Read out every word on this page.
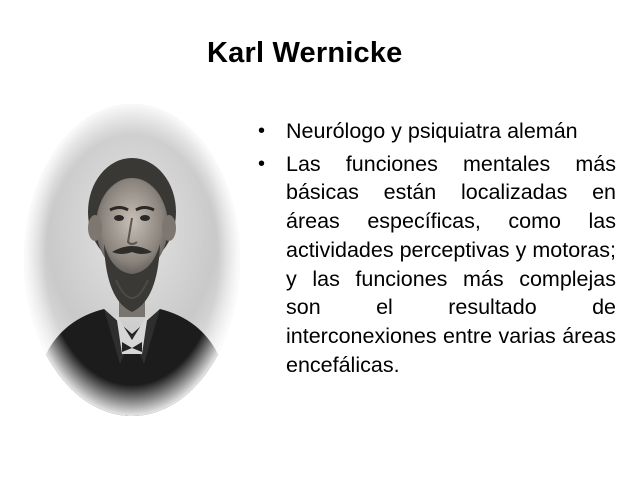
Karl Wernicke
• Neurólogo y psiquiatra alemán
• Las funciones mentales más básicas están localizadas en áreas específicas, como las actividades perceptivas y motoras; y las funciones más complejas son el resultado de interconexiones entre varias áreas encefálicas.
